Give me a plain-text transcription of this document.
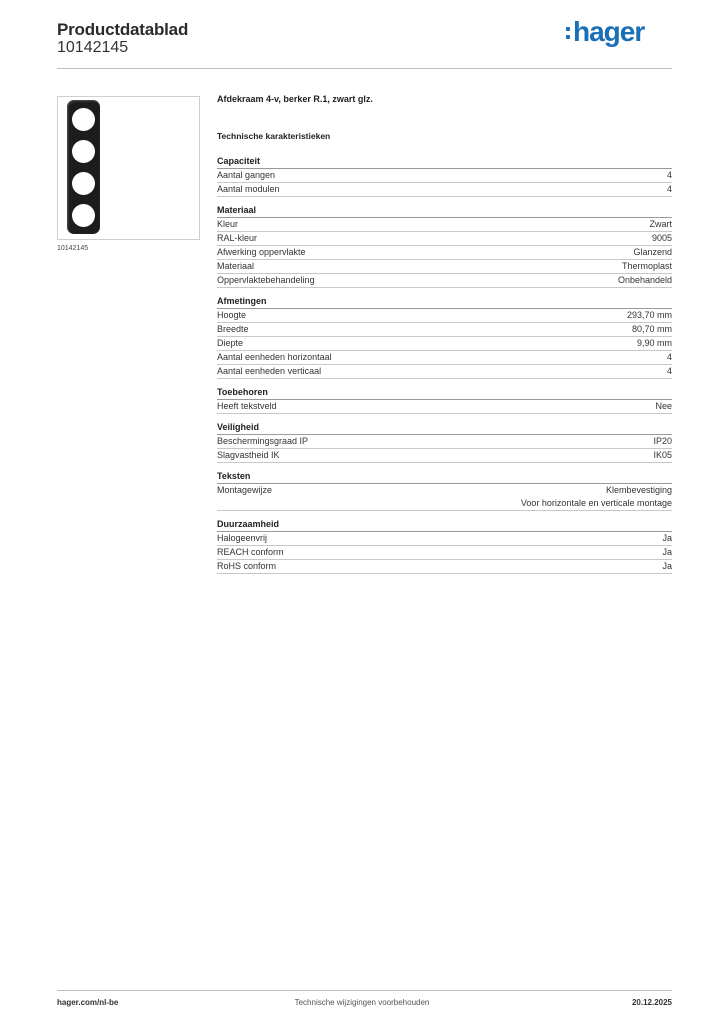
Productdatablad
10142145
hager
10142145
Afdekraam 4-v, berker R.1, zwart glz.
Technische karakteristieken
Capaciteit
Aantal gangen	4
Aantal modulen	4
Materiaal
Kleur	Zwart
RAL-kleur	9005
Afwerking oppervlakte	Glanzend
Materiaal	Thermoplast
Oppervlaktebehandeling	Onbehandeld
Afmetingen
Hoogte	293,70 mm
Breedte	80,70 mm
Diepte	9,90 mm
Aantal eenheden horizontaal	4
Aantal eenheden verticaal	4
Toebehoren
Heeft tekstveld	Nee
Veiligheid
Beschermingsgraad IP	IP20
Slagvastheid IK	IK05
Teksten
Montagewijze	Klembevestiging
Voor horizontale en verticale montage
Duurzaamheid
Halogeenvrij	Ja
REACH conform	Ja
RoHS conform	Ja
hager.com/nl-be	Technische wijzigingen voorbehouden	20.12.2025
